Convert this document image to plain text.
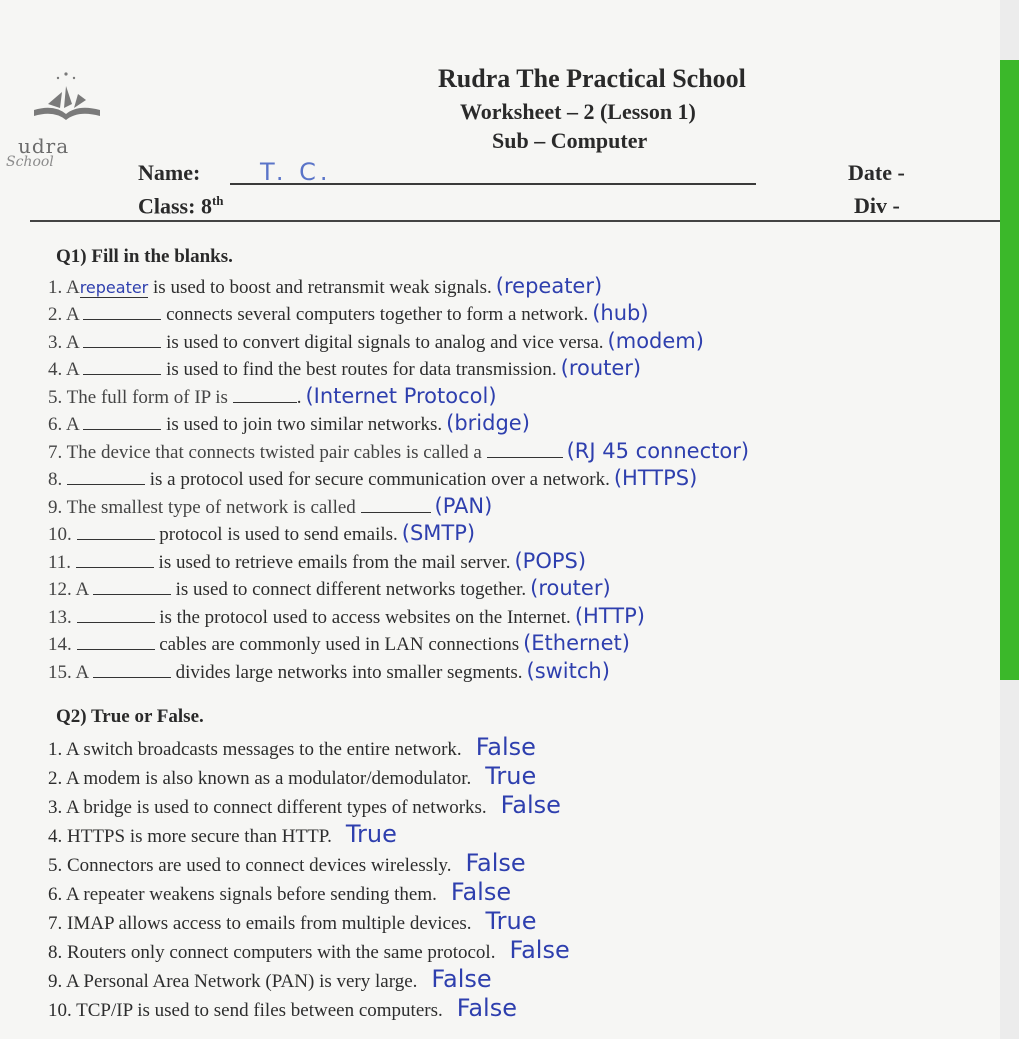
udra
School
Rudra The Practical School
Worksheet – 2 (Lesson 1)
Sub – Computer
Name: T. C.
Class: 8th
Date -
Div -
Q1) Fill in the blanks.
1. Arepeater is used to boost and retransmit weak signals. (repeater)
2. A	connects several computers together to form a network. (hub)
3. A	is used to convert digital signals to analog and vice versa. (modem)
4. A	is used to find the best routes for data transmission. (router)
5. The full form of IP is	. (Internet Protocol)
6. A	is used to join two similar networks. (bridge)
7. The device that connects twisted pair cables is called a	(RJ 45 connector)
8.	is a protocol used for secure communication over a network. (HTTPS)
9. The smallest type of network is called	(PAN)
10.	protocol is used to send emails. (SMTP)
11.	is used to retrieve emails from the mail server. (POPS)
12. A	is used to connect different networks together. (router)
13.	is the protocol used to access websites on the Internet. (HTTP)
14.	cables are commonly used in LAN connections (Ethernet)
15. A	divides large networks into smaller segments. (switch)
Q2) True or False.
1. A switch broadcasts messages to the entire network. False
2. A modem is also known as a modulator/demodulator. True
3. A bridge is used to connect different types of networks. False
4. HTTPS is more secure than HTTP. True
5. Connectors are used to connect devices wirelessly. False
6. A repeater weakens signals before sending them. False
7. IMAP allows access to emails from multiple devices. True
8. Routers only connect computers with the same protocol. False
9. A Personal Area Network (PAN) is very large. False
10. TCP/IP is used to send files between computers. False
